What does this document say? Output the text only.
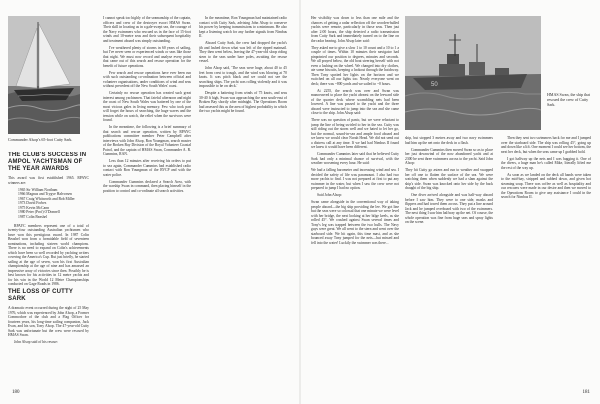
Commander Alsop's 65-foot Cutty Sark.
THE CLUB'S SUCCESS IN AMPOL YACHTSMAN OF THE YEAR AWARDS

This award was first established 1965. RPAYC winners are:

1965 Sir William Northam
1966 Magnus and Trygve Halvorsen
1967 Craig Whitworth and Bob Miller
1973 David Forbes
1975 Kevin McCann
1980 Peter (Prof) O'Donnell
1987 Colin Beashel

RPAYC members represent one of a total of twenty-four outstanding Australian yachtsmen who have won this prestigious award. In 1987 Colin Beashel won from a formidable field of seventeen nominations, including sixteen world champions. There is no need to expand on Colin's achievements which have been so well recorded by yachting writers covering the America's Cup. But just briefly, he started sailing at the age of seven, won his first Australian championship at the age of nine and has amassed an impressive array of victories since then. Possibly he is best known for his activities in 12 metre yachts and for his win in the World 12 Metre Championships conducted on Gage Roads in 1986.

THE LOSS OF CUTTY SARK

A dramatic event occurred during the night of 25 May 1976, which was experienced by John Alsop, a Former Commodore of the club and a Flag Officer for fourteen years, his long-time sailing companion, Jack Evan, and his son, Tony Alsop. The 47-year-old Cutty Sark was unfortunate but the crew were rescued by HMAS Swan.

John Alsop said of his rescue:

I cannot speak too highly of the seamanship of the captain, officers and crew of the destroyer escort HMAS Swan. Their skill in locating us in a gale-swept sea, the courage of the Navy swimmers who rescued us in the face of 15-foot winds and 10-metre seas and their subsequent hospitality and treatment aboard was simply outstanding.

I've weathered plenty of storms in 60 years of sailing, but I've never seen or experienced winds or seas like those that night. We must now record and analyse every point that came out of this search and rescue operation for the benefit of future operations.

Few search and rescue operations have ever been run with such outstanding co-ordination between official and volunteer organisations, under conditions of wind and seas without precedent off the New South Wales' coast.

Certainly no rescue operation has created such great interest among yachtsmen. That fateful afternoon and night the coast of New South Wales was battered by one of the most vicious gales in living memory. Few who took part will forget the hours of searching, the huge waves and the tension while on watch, the relief when the survivors were found.

In the meantime, the following is a brief summary of that search and rescue operation, written by RPAYC publications committee member Peter Campbell after interviews with John Alsop, Ron Youngman, search master of the Broken Bay Division of the Royal Volunteer Coastal Patrol, and the captain of HMAS Swan, Commander A. R. Cummins, RAN.

Less than 12 minutes after receiving his orders to put to sea again, Commander Cummins had established radio contact with Ron Youngman of the RVCP and with the water police.

Commander Cummins declared a Search Area, with the warship Swan in command, then placing himself in the position to control and co-ordinate all search activities.

In the meantime, Ron Youngman had maintained radio contact with Cutty Sark, advising John Alsop to conserve his power by keeping transmissions to a minimum. He also kept a listening watch for any further signals from Nimbus II.

Aboard Cutty Sark, the crew had dropped the yacht's jib and lashed down what was left of the ripped mainsail. They then went below, leaving the 47-year-old sloop riding stern to the seas under bare poles, awaiting the rescue vessel.

John Alsop said, 'The seas were huge, about 40 to 45 feet from crest to trough, and the wind was blowing at 70 knots. It was pitch black and we could not see the searching ships. The yacht was rolling violently and it was impossible to be on deck.'

Despite a battering from winds of 75 knots, and seas 30-40 ft high, Swan was approaching the area south-east of Broken Bay shortly after midnight. The Operations Room had assessed this as the area of highest probability in which the two yachts might be found.

180

Her visibility was down to less than one mile and the chances of getting a radar reflection off the wooden-hulled yachts were remote, particularly in those seas. Then just after 2:00 hours, the ship detected a radio transmission from Cutty Sark and immediately turned on to the line on the radar bearing. John Alsop later said:

They asked me to give a slow 1 to 10 count and a 10 to 1 a couple of times. Within 10 minutes their navigator had pinpointed our position to degrees, minutes and seconds. We all prayed below, the old boat steering herself with not even a lashing on the wheel. We changed into dry clothes, ate some biscuits, keeping a lookout through the hatchway. Then Tony spotted her lights on the horizon and we switched on all our lights too. Nearly everyone went on deck; there was ~800 yards and we sailed to ~0 hours.

At 2255, the search was over and Swan was manoeuvred to place the yacht abreast on the leeward side of the quarter deck where scrambling nets had been lowered. A line was passed to the yacht and the three aboard were instructed to jump into the sea and she came close to the ship. John Alsop said:

There was no question of panic, but we were reluctant to jump the line of being swirled to her in the sea. Cutty was still riding out the storm well and we hated to let her go, but the normal, sound-in-sea and ample food aboard and we knew we would clear Norah Head. We did not send out a distress call at any time. If we had had Nimbus II found we knew it would have been different.

Commander Cummins later said that he believed Cutty Sark had only a minimal chance of survival, with the weather worsening every hour. He said:

We had a falling barometer and increasing wind and sea. I decided the safety of life was paramount. I also had two more yachts to find. I was not prepared at first to put any swimmer in the water, but when I saw the crew were not prepared to jump I had no option.

Said John Alsop:

Swan came alongside in the conventional way of taking people aboard—the big ship providing the lee. We got line but the seas were so colossal that one minute we were level with her bridge, the next looking at her bilge keels, as she rolled 45°. We crashed against Swan several times and Tony's leg was trapped between the two hulls. The Navy guys were great. We all went to the stern and went over the starboard side. We hit again, this time mast, and as she bounced away Tony jumped for the nets—but missed and fell into the water! Luckily the swimmer was there...

50

ship, but stopped 3 metres away and two navy swimmers had him up the net onto the deck in a flash.

Commander Cummins then moved Swan so as to place her just downwind of the now abandoned yacht and at 2300 he sent three swimmers across to the yacht. Said John Alsop:

They hit Cutty go astern and run to weather and swapped her off one to flatten the surface of the sea. We were watching them when suddenly we had a slam against the ship's side. Swan was knocked onto her side by the back draught of the big ship.

One diver arrived alongside and was half-way aboard before I saw him. They were to one side, masks and flippers and had towed them across. They put a line around Jack and he jumped overboard with two of the swimmers. The next thing I saw him halfway up the net. Of course, the whole operation was fine from huge seas and spray lights on the scene.

HMAS Swan, the ship that rescued the crew of Cutty Sark.

Then they sent two swimmers back for me and I jumped over the starboard side. The ship was rolling 45°, going up and down like a lift. One moment I could see her bottom, the next her deck, but when the seas came up I grabbed hold.

I got halfway up the nets and I was hugging it. One of the divers, a huge man he's called Mike, literally lifted me the rest of the way up.

As soon as we landed on the deck all hands were taken to the mid-bay, stripped and rubbed down, and given hot steaming soup. There was coffee as well as hospitality and our rescuers were made in our desire and then we moved to the Operations Room to give any assistance I could in the search for Nimbus II.

181
